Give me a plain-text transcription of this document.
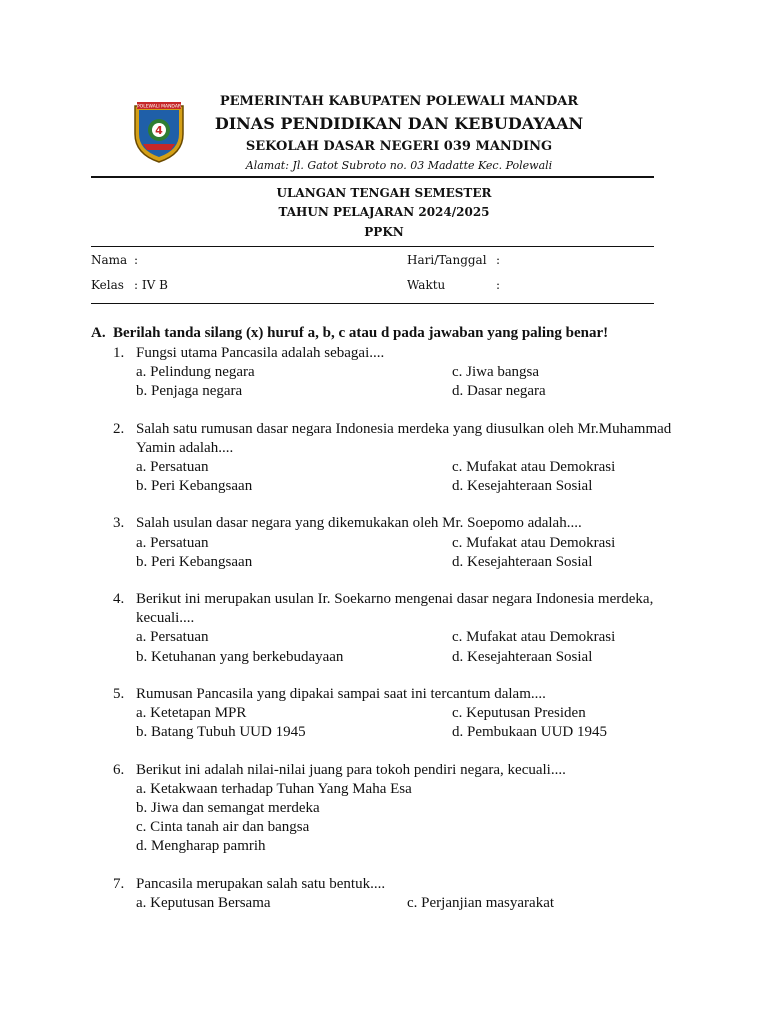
POLEWALI MANDAR
4
PEMERINTAH KABUPATEN POLEWALI MANDAR
DINAS PENDIDIKAN DAN KEBUDAYAAN
SEKOLAH DASAR NEGERI 039 MANDING
Alamat: Jl. Gatot Subroto no. 03 Madatte Kec. Polewali
ULANGAN TENGAH SEMESTER
TAHUN PELAJARAN 2024/2025
PPKN
Nama :	Hari/Tanggal :
Kelas : IV B	Waktu	:
A. Berilah tanda silang (x) huruf a, b, c atau d pada jawaban yang paling benar!
1. Fungsi utama Pancasila adalah sebagai....
a. Pelindung negara	c. Jiwa bangsa
b. Penjaga negara	d. Dasar negara
2. Salah satu rumusan dasar negara Indonesia merdeka yang diusulkan oleh Mr.Muhammad
Yamin adalah....
a. Persatuan	c. Mufakat atau Demokrasi
b. Peri Kebangsaan	d. Kesejahteraan Sosial
3. Salah usulan dasar negara yang dikemukakan oleh Mr. Soepomo adalah....
a. Persatuan	c. Mufakat atau Demokrasi
b. Peri Kebangsaan	d. Kesejahteraan Sosial
4. Berikut ini merupakan usulan Ir. Soekarno mengenai dasar negara Indonesia merdeka,
kecuali....
a. Persatuan	c. Mufakat atau Demokrasi
b. Ketuhanan yang berkebudayaan	d. Kesejahteraan Sosial
5. Rumusan Pancasila yang dipakai sampai saat ini tercantum dalam....
a. Ketetapan MPR	c. Keputusan Presiden
b. Batang Tubuh UUD 1945	d. Pembukaan UUD 1945
6. Berikut ini adalah nilai-nilai juang para tokoh pendiri negara, kecuali....
a. Ketakwaan terhadap Tuhan Yang Maha Esa
b. Jiwa dan semangat merdeka
c. Cinta tanah air dan bangsa
d. Mengharap pamrih
7. Pancasila merupakan salah satu bentuk....
a. Keputusan Bersama	c. Perjanjian masyarakat
